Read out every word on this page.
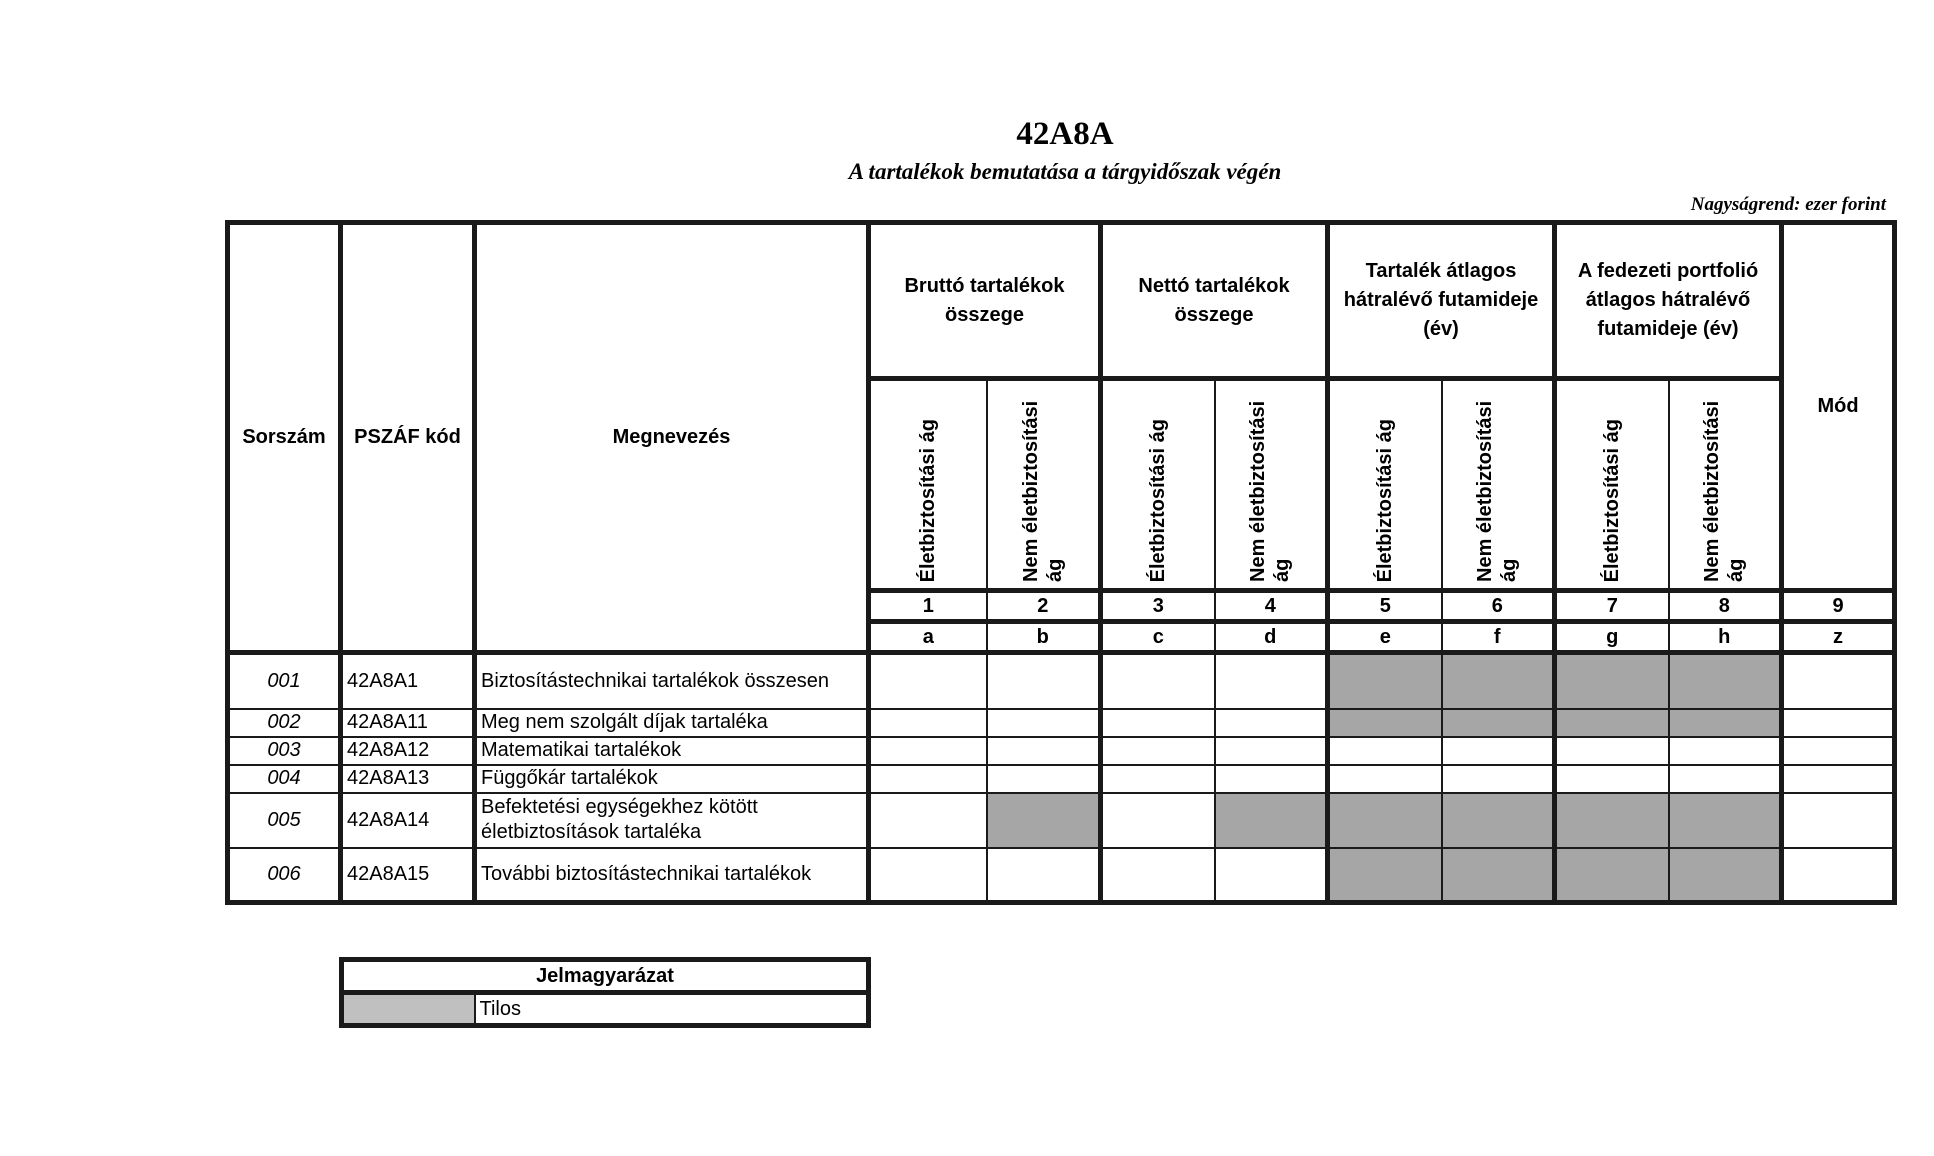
42A8A
A tartalékok bemutatása a tárgyidőszak végén
Nagyságrend: ezer forint
Sorszám	PSZÁF kód	Megnevezés	Bruttó tartalékok összege		Nettó tartalékok összege		Tartalék átlagos hátralévő futamideje (év)		A fedezeti portfolió átlagos hátralévő futamideje (év)		Mód
			Életbiztosítási ág	Nem életbiztosítási ág	Életbiztosítási ág	Nem életbiztosítási ág	Életbiztosítási ág	Nem életbiztosítási ág	Életbiztosítási ág	Nem életbiztosítási ág	
			1	2	3	4	5	6	7	8	9
			a	b	c	d	e	f	g	h	z
001	42A8A1	Biztosítástechnikai tartalékok összesen									
002	42A8A11	Meg nem szolgált díjak tartaléka									
003	42A8A12	Matematikai tartalékok									
004	42A8A13	Függőkár tartalékok									
005	42A8A14	Befektetési egységekhez kötött életbiztosítások tartaléka									
006	42A8A15	További biztosítástechnikai tartalékok									
Jelmagyarázat
	Tilos
